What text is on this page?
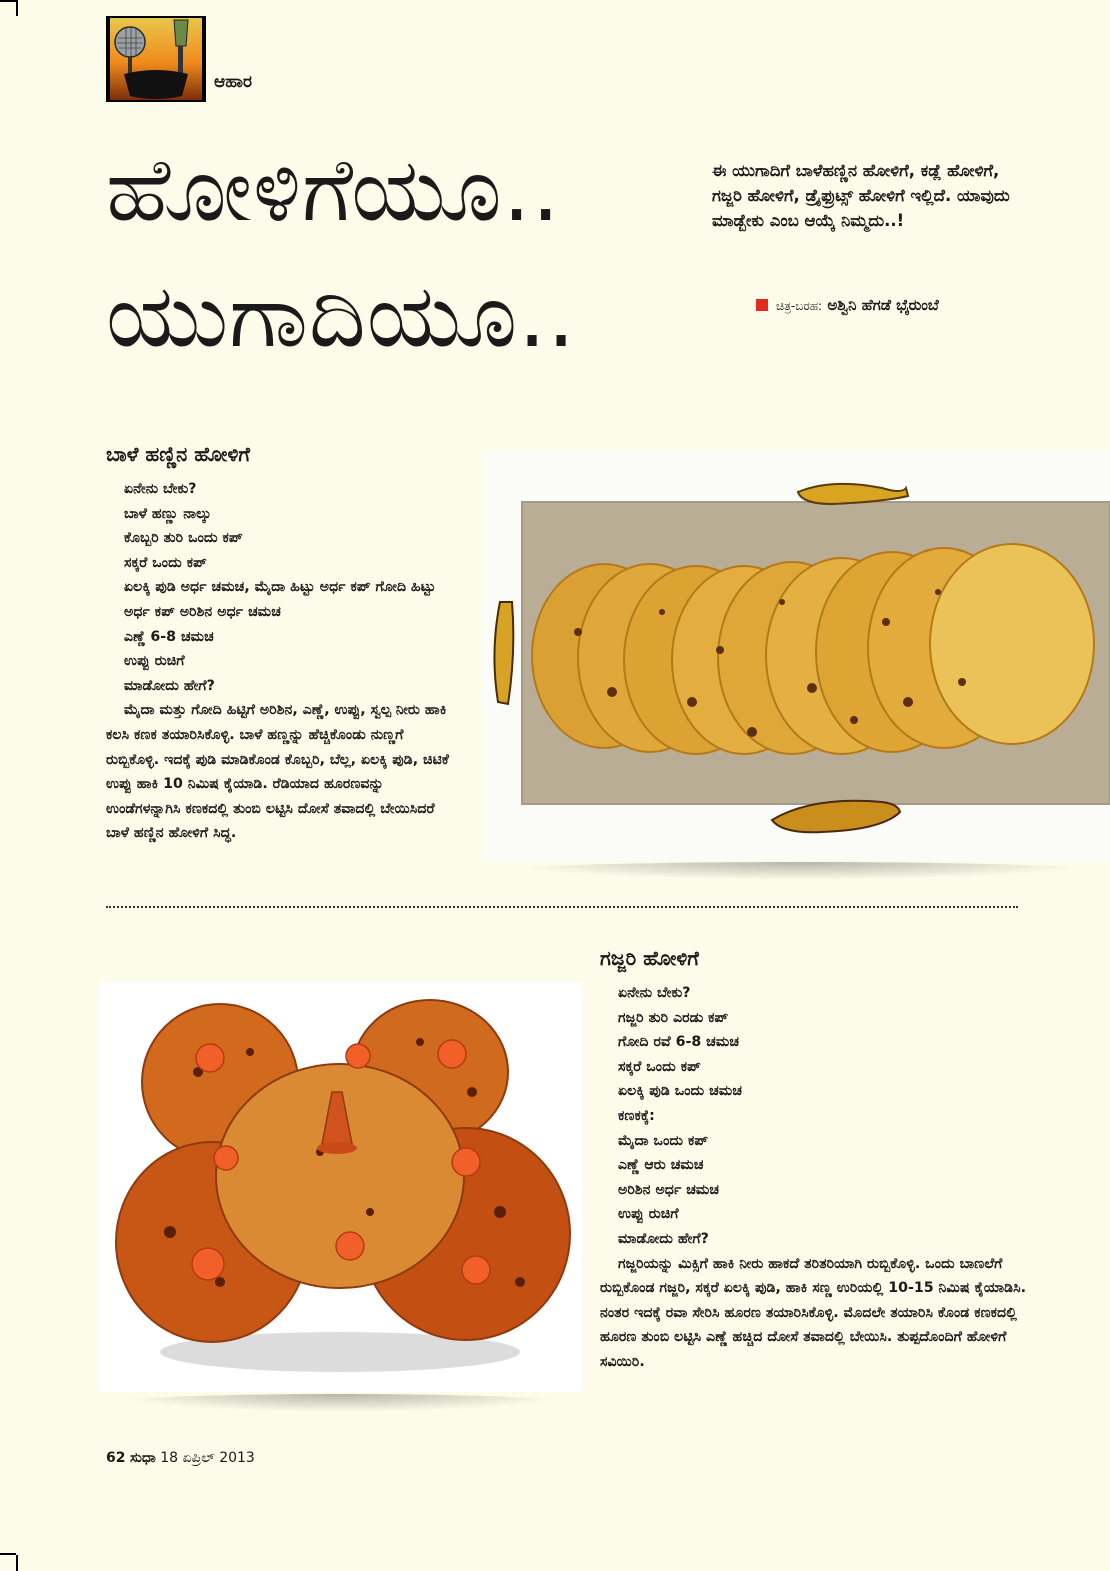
ಆಹಾರ
ಹೋಳಿಗೆಯೂ..
ಯುಗಾದಿಯೂ..
ಈ ಯುಗಾದಿಗೆ ಬಾಳೆಹಣ್ಣಿನ ಹೋಳಿಗೆ, ಕಡ್ಲೆ ಹೋಳಿಗೆ, ಗಜ್ಜರಿ ಹೋಳಿಗೆ, ಡ್ರೈಫ್ರುಟ್ಸ್ ಹೋಳಿಗೆ ಇಲ್ಲಿದೆ. ಯಾವುದು ಮಾಡ್ಬೇಕು ಎಂಬ ಆಯ್ಕೆ ನಿಮ್ಮದು..!
ಚಿತ್ರ-ಬರಹ: ಅಶ್ವಿನಿ ಹೆಗಡೆ ಭೈರುಂಬೆ
ಬಾಳೆ ಹಣ್ಣಿನ ಹೋಳಿಗೆ

ಏನೇನು ಬೇಕು?

ಬಾಳೆ ಹಣ್ಣು ನಾಲ್ಕು

ಕೊಬ್ಬರಿ ತುರಿ ಒಂದು ಕಪ್

ಸಕ್ಕರೆ ಒಂದು ಕಪ್

ಏಲಕ್ಕಿ ಪುಡಿ ಅರ್ಧ ಚಮಚ, ಮೈದಾ ಹಿಟ್ಟು ಅರ್ಧ ಕಪ್ ಗೋದಿ ಹಿಟ್ಟು ಅರ್ಧ ಕಪ್ ಅರಿಶಿನ ಅರ್ಧ ಚಮಚ

ಎಣ್ಣೆ 6-8 ಚಮಚ

ಉಪ್ಪು ರುಚಿಗೆ

ಮಾಡೋದು ಹೇಗೆ?

ಮೈದಾ ಮತ್ತು ಗೋದಿ ಹಿಟ್ಟಿಗೆ ಅರಿಶಿನ, ಎಣ್ಣೆ, ಉಪ್ಪು, ಸ್ವಲ್ಪ ನೀರು ಹಾಕಿ ಕಲಸಿ ಕಣಕ ತಯಾರಿಸಿಕೊಳ್ಳಿ. ಬಾಳೆ ಹಣ್ಣನ್ನು ಹೆಚ್ಚಿಕೊಂಡು ನುಣ್ಣಗೆ ರುಬ್ಬಿಕೊಳ್ಳಿ. ಇದಕ್ಕೆ ಪುಡಿ ಮಾಡಿಕೊಂಡ ಕೊಬ್ಬರಿ, ಬೆಲ್ಲ, ಏಲಕ್ಕಿ ಪುಡಿ, ಚಿಟಿಕೆ ಉಪ್ಪು ಹಾಕಿ 10 ನಿಮಿಷ ಕೈಯಾಡಿ. ರೆಡಿಯಾದ ಹೂರಣವನ್ನು ಉಂಡೆಗಳನ್ನಾಗಿಸಿ ಕಣಕದಲ್ಲಿ ತುಂಬಿ ಲಟ್ಟಿಸಿ ದೋಸೆ ತವಾದಲ್ಲಿ ಬೇಯಿಸಿದರೆ ಬಾಳೆ ಹಣ್ಣಿನ ಹೋಳಿಗೆ ಸಿದ್ಧ.

ಗಜ್ಜರಿ ಹೋಳಿಗೆ

ಏನೇನು ಬೇಕು?

ಗಜ್ಜರಿ ತುರಿ ಎರಡು ಕಪ್

ಗೋದಿ ರವೆ 6-8 ಚಮಚ

ಸಕ್ಕರೆ ಒಂದು ಕಪ್

ಏಲಕ್ಕಿ ಪುಡಿ ಒಂದು ಚಮಚ

ಕಣಕಕ್ಕೆ:

ಮೈದಾ ಒಂದು ಕಪ್

ಎಣ್ಣೆ ಆರು ಚಮಚ

ಅರಿಶಿನ ಅರ್ಧ ಚಮಚ

ಉಪ್ಪು ರುಚಿಗೆ

ಮಾಡೋದು ಹೇಗೆ?

ಗಜ್ಜರಿಯನ್ನು ಮಿಕ್ಸಿಗೆ ಹಾಕಿ ನೀರು ಹಾಕದೆ ತರಿತರಿಯಾಗಿ ರುಬ್ಬಿಕೊಳ್ಳಿ. ಒಂದು ಬಾಣಲೆಗೆ ರುಬ್ಬಿಕೊಂಡ ಗಜ್ಜರಿ, ಸಕ್ಕರೆ ಏಲಕ್ಕಿ ಪುಡಿ, ಹಾಕಿ ಸಣ್ಣ ಉರಿಯಲ್ಲಿ 10-15 ನಿಮಿಷ ಕೈಯಾಡಿಸಿ. ನಂತರ ಇದಕ್ಕೆ ರವಾ ಸೇರಿಸಿ ಹೂರಣ ತಯಾರಿಸಿಕೊಳ್ಳಿ. ಮೊದಲೇ ತಯಾರಿಸಿ ಕೊಂಡ ಕಣಕದಲ್ಲಿ ಹೂರಣ ತುಂಬಿ ಲಟ್ಟಿಸಿ ಎಣ್ಣೆ ಹಚ್ಚಿದ ದೋಸೆ ತವಾದಲ್ಲಿ ಬೇಯಿಸಿ. ತುಪ್ಪದೊಂದಿಗೆ ಹೋಳಿಗೆ ಸವಿಯಿರಿ.

62 ಸುಧಾ 18 ಏಪ್ರಿಲ್ 2013
